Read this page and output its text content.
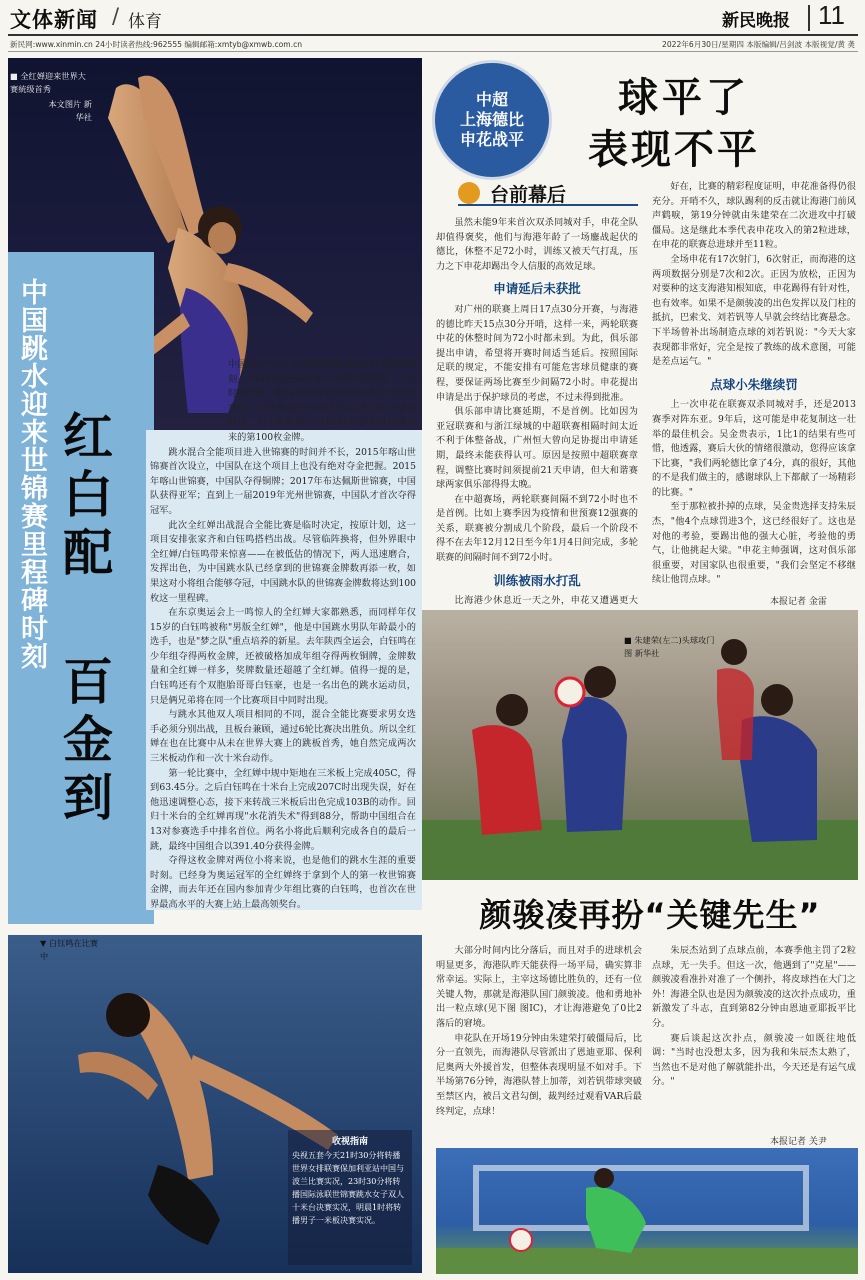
文体新闻 / 体育	新民晚报 11
新民网:www.xinmin.cn 24小时读者热线:962555 编辑邮箱:xmtyb@xmwb.com.cn	2022年6月30日/星期四 本版编辑/吕剑波 本版视觉/黄 䶮
■ 全红婵迎来世界大赛統级首秀
本文图片 新华社
中国跳水迎来世锦赛里程碑时刻 红白配
百金到

中国跳水"梦之队"世锦赛第100金的里程碑时刻，由两名加起来刚刚30岁的小将获得。北京时间昨晚，第19届游泳世锦赛跳水混合全能比赛中，全红婵和白钰鸣联手以391.40分摘取桂冠，为中国队拿下自1982年参加世锦赛以来的第100枚金牌。

跳水混合全能项目进入世锦赛的时间并不长，2015年喀山世锦赛首次设立，中国队在这个项目上也没有绝对夺金把握。2015年喀山世锦赛，中国队夺得铜牌；2017年布达佩斯世锦赛，中国队获得亚军；直到上一届2019年光州世锦赛，中国队才首次夺得冠军。

此次全红婵出战混合全能比赛是临时决定，按原计划，这一项目安排张家齐和白钰鸣搭档出战。尽管临阵换将，但外界眼中全红婵/白钰鸣带来惊喜——在被低估的情况下，两人迅速磨合，发挥出色，为中国跳水队已经拿到的世锦赛金牌数再添一枚，如果这对小将组合能够夺冠，中国跳水队的世锦赛金牌数将达到100枚这一里程碑。

在东京奥运会上一鸣惊人的全红婵大家都熟悉，而同样年仅15岁的白钰鸣被称"男版全红婵"，他是中国跳水男队年龄最小的选手，也是"梦之队"重点培养的新星。去年陕西全运会，白钰鸣在少年组夺得两枚金牌，还被破格加成年组夺得两枚铜牌，金牌数量和全红婵一样多，奖牌数量还超越了全红婵。值得一提的是，白钰鸣还有个双胞胎哥哥白钰豪，也是一名出色的跳水运动员，只是俩兄弟将在同一个比赛项目中同时出现。

与跳水其他双人项目相同的不同，混合全能比赛要求男女选手必须分别出战，且板台兼顾，通过6轮比赛决出胜负。所以全红婵在也在比赛中从未在世界大赛上的跳板首秀，她自然完成两次三米板动作和一次十米台动作。

第一轮比赛中，全红婵中规中矩地在三米板上完成405C，得到63.45分。之后白钰鸣在十米台上完成207C时出现失误，好在他迅速调整心态，接下来转战三米板后出色完成103B的动作。回归十米台的全红婵再现"水花消失术"得到88分，帮助中国组合在13对参赛选手中排名首位。两名小将此后顺利完成各自的最后一跳，最终中国组合以391.40分获得金牌。

夺得这枚金牌对两位小将来说，也是他们的跳水生涯的重要时刻。已经身为奥运冠军的全红婵终于拿到个人的第一枚世锦赛金牌，而去年还在国内参加青少年组比赛的白钰鸣，也首次在世界最高水平的大赛上站上最高领奖台。

▼ 白钰鸣在比赛中
收视指南
央视五套今天21时30分将转播世界女排联赛保加利亚站中国与波兰比赛实况，23时30分将转播国际泳联世锦赛跳水女子双人十米台决赛实况，明晨1时将转播男子一米板决赛实况。
中超
上海德比
申花战平
球平了
表现不平
台前幕后

虽然未能9年来首次双杀同城对手，申花全队却值得褒奖，他们与海港年龄了一场鏖战起伏的德比，休整不足72小时，训练又被天气打乱，压力之下申花却踢出令人信服的高效足球。

申请延后未获批

对广州的联赛上周日17点30分开赛，与海港的德比昨天15点30分开哨，这样一来，两轮联赛中花的休整时间为72小时都未到。为此，俱乐部提出申请，希望将开赛时间适当延后。按照国际足联的规定，不能安排有可能危害球员健康的赛程，要保证两场比赛至少间隔72小时。申花提出申请是出于保护球员的考虑，不过未得到批准。

俱乐部申请比赛延期，不是首例。比如因为亚冠联赛和与浙江绿城的中超联赛相隔时间太近不利于体整备战，广州恒大曾向足协提出申请延期，最终未能获得认可。原因是按照中超联赛章程，调整比赛时间须提前21天申请，但大和谐赛球两家俱乐部得得太晚。

在中超赛场，两轮联赛间隔不到72小时也不是首例。比如上赛季因为疫情和世预赛12强赛的关系，联赛被分割成几个阶段，最后一个阶段不得不在去年12月12日至今年1月4日间完成，多轮联赛的间隔时间不到72小时。

训练被雨水打乱

比海港少休息近一天之外，申花又遭遇更大

好在，比赛的精彩程度证明，申花准备得仍很充分。开哨不久，球队踢利的反击就让海港门前风声鹤唳，第19分钟就由朱建荣在二次进攻中打破僵局。这是继此本季代表申花攻入的第2粒进球，在申花的联赛总进球并至11粒。

全场申花有17次射门，6次射正，而海港的这两项数据分别是7次和2次。正因为放松，正因为对要种的这支海港知根知底，申花踢得有针对性，也有效率。如果不是颜骏凌的出色发挥以及门柱的抵抗，巴索戈、刘若钒等人早就会终结比赛悬念。下半场曾补出场制造点球的刘若钒说："今天大家表现都非常好，完全是按了教练的战术意图，可能是差点运气。"

点球小朱继续罚

上一次申花在联赛双杀同城对手，还是2013赛季对阵东亚。9年后，这可能是申花复制这一壮举的最佳机会。吴金贵表示，1比1的结果有些可惜，他透露，赛后大伙的情绪很激动，您得应该拿下比赛，"我们两轮德比拿了4分，真的很好，其他的不是我们做主的，感谢球队上下都献了一场精彩的比赛。"

至于那粒被扑掉的点球，吴金贵选择支持朱辰杰，"他4个点球罚进3个，这已经很好了。这也是对他的考验，要踢出他的强大心脏，考验他的勇气，让他挑起大梁。"申花主帅强调，这对俱乐部很重要，对国家队也很重要，"我们会坚定不移继续让他罚点球。"

本报记者 金雷
■ 朱建荣(左二)头球攻门 图 新华社
颜骏凌再扮“关键先生”

大部分时间内比分落后，而且对手的进球机会明显更多，海港队昨天能获得一场平局，确实算非常幸运。实际上，主宰这场德比胜负的，还有一位关键人物，那就是海港队国门颜骏凌。他和勇地补出一粒点球(见下图 图IC)，才让海港避免了0比2落后的窘境。

申花队在开场19分钟由朱建荣打破僵局后，比分一直领先，而海港队尽管派出了恩迪亚耶、保利尼奥两大外援首发，但整体表现明显不如对手。下半场第76分钟，海港队替上加蒂，刘若钒带球突破至禁区内，被吕文君勾倒，裁判经过观看VAR后最终判定，点球！

朱辰杰站到了点球点前，本赛季他主罚了2粒点球，无一失手。但这一次，他遇到了"克星"——颜骏凌看准扑对准了一个侧扑，将皮球挡在大门之外！海港全队也是因为颜骏凌的这次扑点成功，重新激发了斗志，直到第82分钟由恩迪亚耶扳平比分。

赛后谈起这次扑点，颜骏凌一如既往地低调："当时也没想太多，因为我和朱辰杰太熟了，当然也不是对他了解就能扑出，今天还是有运气成分。"

本报记者 关尹
